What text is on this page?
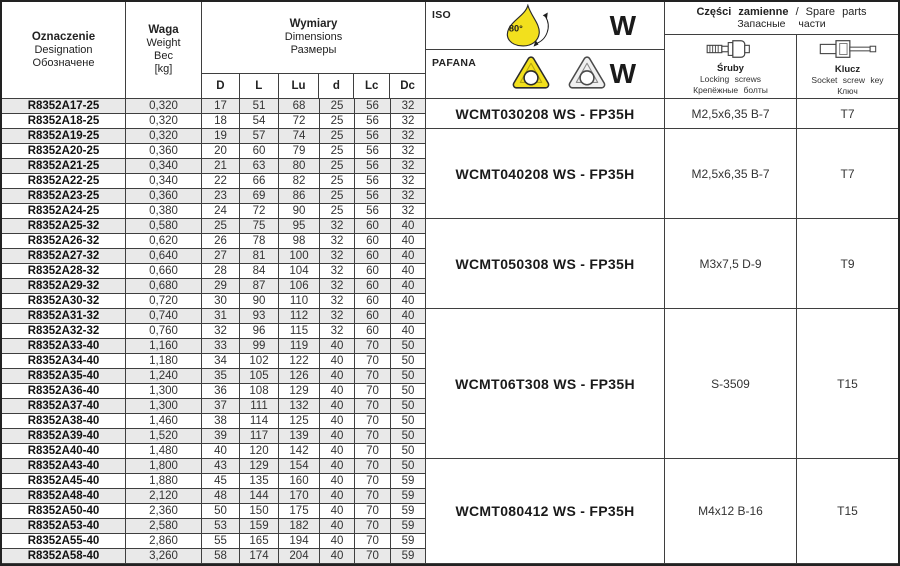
Oznaczenie
Designation
Обозначене
Waga
Weight
Вес
[kg]
Wymiary
Dimensions
Размеры
D	L	Lu	d	Lc	Dc
ISO
80°	W
PAFANA	W
Części zamienne / Spare parts
Запасные части
Śruby
Locking screws
Крепёжные болты
Klucz
Socket screw key
Ключ
R8352A17-25	0,320	17	51	68	25	56	32
R8352A18-25	0,320	18	54	72	25	56	32
R8352A19-25	0,320	19	57	74	25	56	32
R8352A20-25	0,360	20	60	79	25	56	32
R8352A21-25	0,340	21	63	80	25	56	32
R8352A22-25	0,340	22	66	82	25	56	32
R8352A23-25	0,360	23	69	86	25	56	32
R8352A24-25	0,380	24	72	90	25	56	32
R8352A25-32	0,580	25	75	95	32	60	40
R8352A26-32	0,620	26	78	98	32	60	40
R8352A27-32	0,640	27	81	100	32	60	40
R8352A28-32	0,660	28	84	104	32	60	40
R8352A29-32	0,680	29	87	106	32	60	40
R8352A30-32	0,720	30	90	110	32	60	40
R8352A31-32	0,740	31	93	112	32	60	40
R8352A32-32	0,760	32	96	115	32	60	40
R8352A33-40	1,160	33	99	119	40	70	50
R8352A34-40	1,180	34	102	122	40	70	50
R8352A35-40	1,240	35	105	126	40	70	50
R8352A36-40	1,300	36	108	129	40	70	50
R8352A37-40	1,300	37	111	132	40	70	50
R8352A38-40	1,460	38	114	125	40	70	50
R8352A39-40	1,520	39	117	139	40	70	50
R8352A40-40	1,480	40	120	142	40	70	50
R8352A43-40	1,800	43	129	154	40	70	50
R8352A45-40	1,880	45	135	160	40	70	59
R8352A48-40	2,120	48	144	170	40	70	59
R8352A50-40	2,360	50	150	175	40	70	59
R8352A53-40	2,580	53	159	182	40	70	59
R8352A55-40	2,860	55	165	194	40	70	59
R8352A58-40	3,260	58	174	204	40	70	59
WCMT030208 WS - FP35H	M2,5x6,35 B-7	T7
WCMT040208 WS - FP35H	M2,5x6,35 B-7	T7
WCMT050308 WS - FP35H	M3x7,5 D-9	T9
WCMT06T308 WS - FP35H	S-3509	T15
WCMT080412 WS - FP35H	M4x12 B-16	T15
